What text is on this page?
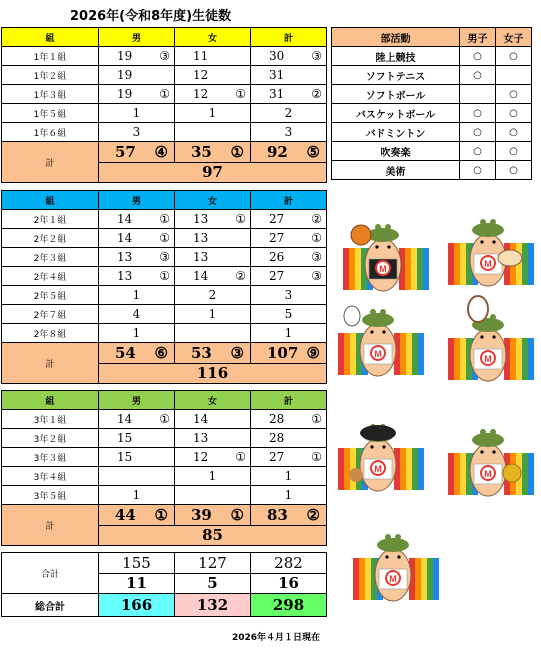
2026年(令和8年度)生徒数
組	男	女	計
1年１組	19 ③	11	30 ③

1年２組	19	12	31

1年３組	19 ①	12 ①	31 ②

1年５組	1	1	2

1年６組	3		3

計	57 ④	35 ①	92 ⑤

	97		
組	男	女	計
2年１組	14 ①	13 ①	27 ②

2年２組	14 ①	13	27 ①

2年３組	13 ③	13	26 ③

2年４組	13 ①	14 ②	27 ③

2年５組	1	2	3

2年７組	4	1	5

2年８組	1		1

計	54 ⑥	53 ③	107 ⑨

	116		
組	男	女	計
3年１組	14 ①	14	28 ①

3年２組	15	13	28

3年３組	15	12 ①	27 ①

3年４組		1	1

3年５組	1		1

計	44 ①	39 ①	83 ②

	85		
合計	155	127	282
	11	5	16
総合計	166	132	298
部活動	男子	女子
陸上競技	○	○
ソフトテニス	○	
ソフトボール		○
バスケットボール	○	○
バドミントン	○	○
吹奏楽	○	○
美術	○	○
M	M
M	M
M	M
M
2026年４月１日現在
